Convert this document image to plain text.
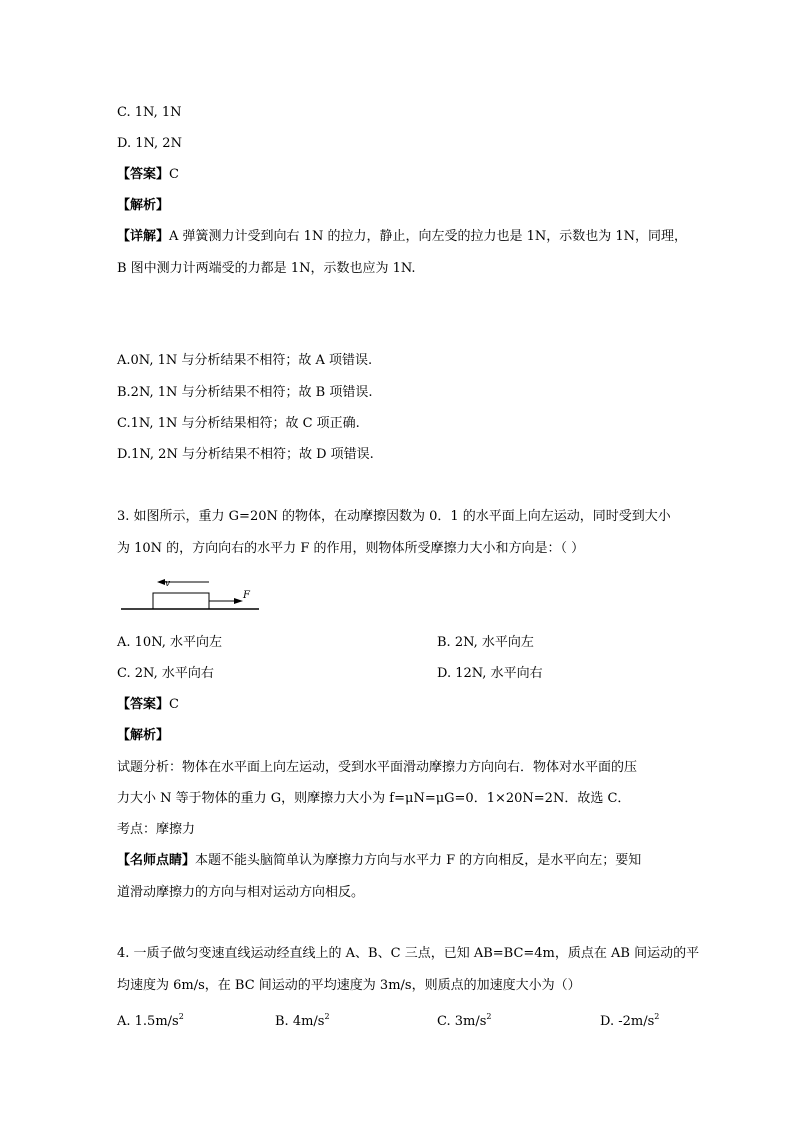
C. 1N, 1N
D. 1N, 2N
【答案】C
【解析】
【详解】A 弹簧测力计受到向右 1N 的拉力，静止，向左受的拉力也是 1N，示数也为 1N，同理，
B 图中测力计两端受的力都是 1N，示数也应为 1N.
A.0N, 1N 与分析结果不相符；故 A 项错误.
B.2N, 1N 与分析结果不相符；故 B 项错误.
C.1N, 1N 与分析结果相符；故 C 项正确.
D.1N, 2N 与分析结果不相符；故 D 项错误.
3. 如图所示，重力 G=20N 的物体，在动摩擦因数为 0．1 的水平面上向左运动，同时受到大小
为 10N 的，方向向右的水平力 F 的作用，则物体所受摩擦力大小和方向是：（ ）
v
F
A. 10N, 水平向左	B. 2N, 水平向左
C. 2N, 水平向右	D. 12N, 水平向右
【答案】C
【解析】
试题分析：物体在水平面上向左运动，受到水平面滑动摩擦力方向向右．物体对水平面的压
力大小 N 等于物体的重力 G，则摩擦力大小为 f=μN=μG=0．1×20N=2N．故选 C．
考点：摩擦力
【名师点睛】本题不能头脑简单认为摩擦力方向与水平力 F 的方向相反，是水平向左；要知
道滑动摩擦力的方向与相对运动方向相反。
4. 一质子做匀变速直线运动经直线上的 A、B、C 三点，已知 AB=BC=4m，质点在 AB 间运动的平
均速度为 6m/s，在 BC 间运动的平均速度为 3m/s，则质点的加速度大小为（）
A. $1.5m/s^2$	B. $4m/s^2$	C. $3m/s^2$	D. $-2m/s^2$
